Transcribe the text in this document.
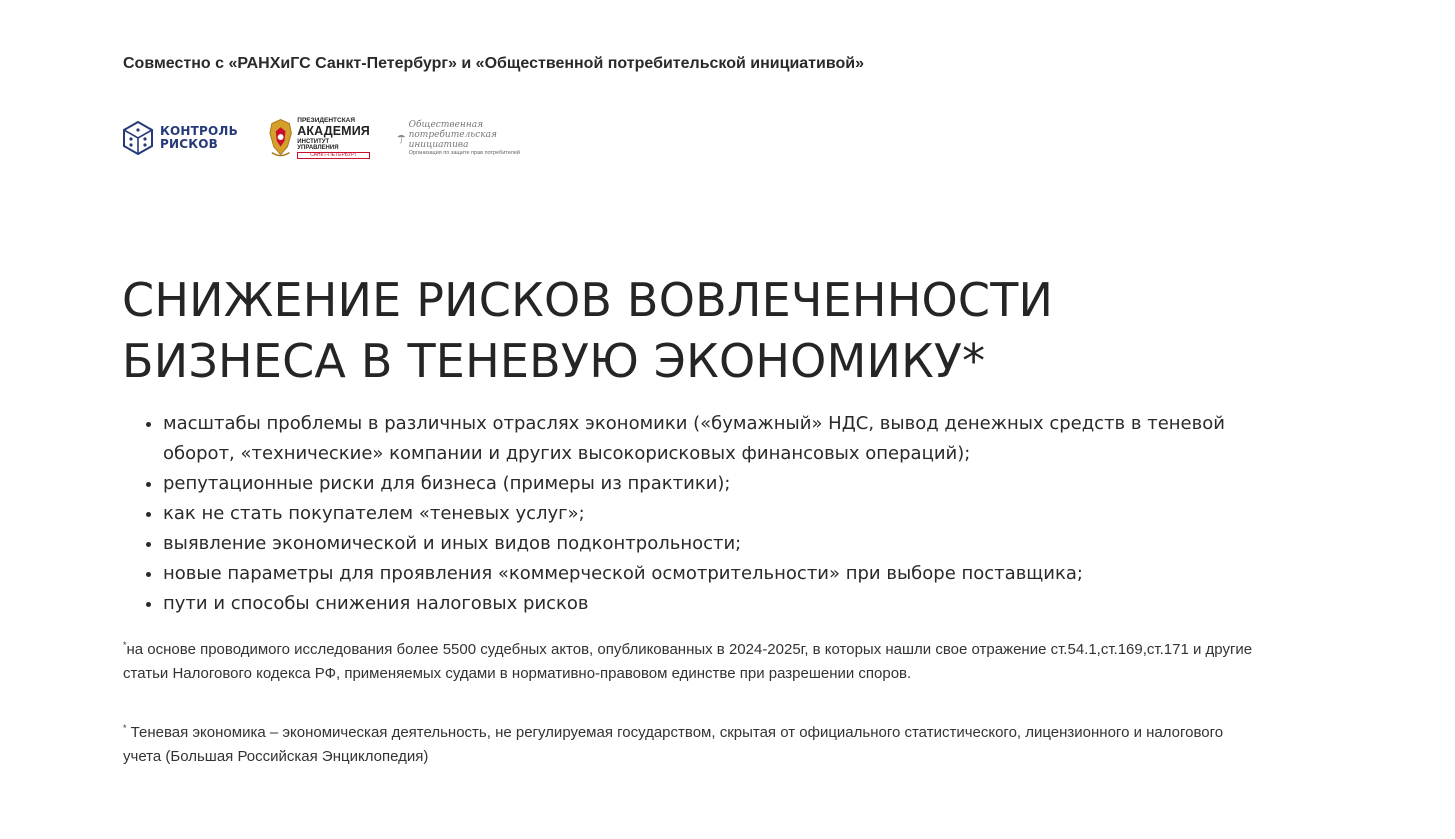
Совместно с «РАНХиГС Санкт-Петербург» и «Общественной потребительской инициативой»
КОНТРОЛЬ
РИСКОВ
ПРЕЗИДЕНТСКАЯ
АКАДЕМИЯ
ИНСТИТУТ УПРАВЛЕНИЯ
САНКТ-ПЕТЕРБУРГ
Общественная
потребительская
инициатива
Организация по защите прав потребителей
СНИЖЕНИЕ РИСКОВ ВОВЛЕЧЕННОСТИ
БИЗНЕСА В ТЕНЕВУЮ ЭКОНОМИКУ*
• масштабы проблемы в различных отраслях экономики («бумажный» НДС, вывод денежных средств в теневой оборот, «технические» компании и других высокорисковых финансовых операций);
• репутационные риски для бизнеса (примеры из практики);
• как не стать покупателем «теневых услуг»;
• выявление экономической и иных видов подконтрольности;
• новые параметры для проявления «коммерческой осмотрительности» при выборе поставщика;
• пути и способы снижения налоговых рисков

*на основе проводимого исследования более 5500 судебных актов, опубликованных в 2024-2025г, в которых нашли свое отражение ст.54.1,ст.169,ст.171 и другие статьи Налогового кодекса РФ, применяемых судами в нормативно-правовом единстве при разрешении споров.

* Теневая экономика – экономическая деятельность, не регулируемая государством, скрытая от официального статистического, лицензионного и налогового учета (Большая Российская Энциклопедия)
